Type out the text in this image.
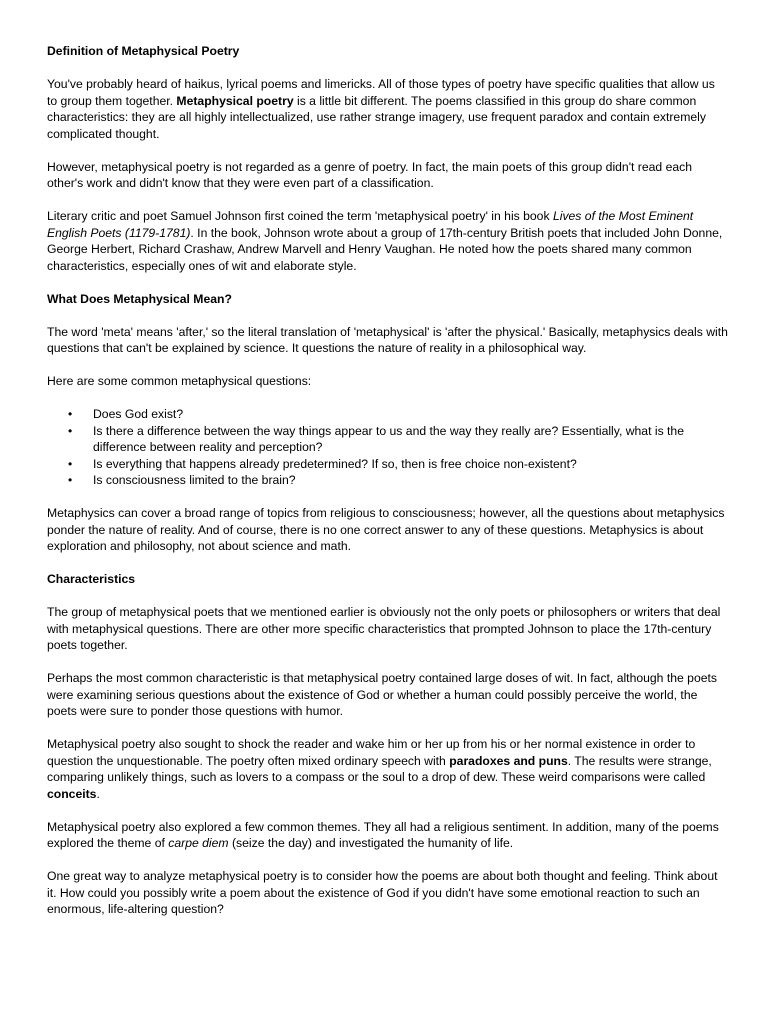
Definition of Metaphysical Poetry

You've probably heard of haikus, lyrical poems and limericks. All of those types of poetry have specific qualities that allow us to group them together. Metaphysical poetry is a little bit different. The poems classified in this group do share common characteristics: they are all highly intellectualized, use rather strange imagery, use frequent paradox and contain extremely complicated thought.

However, metaphysical poetry is not regarded as a genre of poetry. In fact, the main poets of this group didn't read each other's work and didn't know that they were even part of a classification.

Literary critic and poet Samuel Johnson first coined the term 'metaphysical poetry' in his book Lives of the Most Eminent English Poets (1179-1781). In the book, Johnson wrote about a group of 17th-century British poets that included John Donne, George Herbert, Richard Crashaw, Andrew Marvell and Henry Vaughan. He noted how the poets shared many common characteristics, especially ones of wit and elaborate style.

What Does Metaphysical Mean?

The word 'meta' means 'after,' so the literal translation of 'metaphysical' is 'after the physical.' Basically, metaphysics deals with questions that can't be explained by science. It questions the nature of reality in a philosophical way.

Here are some common metaphysical questions:

• Does God exist?
• Is there a difference between the way things appear to us and the way they really are? Essentially, what is the difference between reality and perception?
• Is everything that happens already predetermined? If so, then is free choice non-existent?
• Is consciousness limited to the brain?

Metaphysics can cover a broad range of topics from religious to consciousness; however, all the questions about metaphysics ponder the nature of reality. And of course, there is no one correct answer to any of these questions. Metaphysics is about exploration and philosophy, not about science and math.

Characteristics

The group of metaphysical poets that we mentioned earlier is obviously not the only poets or philosophers or writers that deal with metaphysical questions. There are other more specific characteristics that prompted Johnson to place the 17th-century poets together.

Perhaps the most common characteristic is that metaphysical poetry contained large doses of wit. In fact, although the poets were examining serious questions about the existence of God or whether a human could possibly perceive the world, the poets were sure to ponder those questions with humor.

Metaphysical poetry also sought to shock the reader and wake him or her up from his or her normal existence in order to question the unquestionable. The poetry often mixed ordinary speech with paradoxes and puns. The results were strange, comparing unlikely things, such as lovers to a compass or the soul to a drop of dew. These weird comparisons were called conceits.

Metaphysical poetry also explored a few common themes. They all had a religious sentiment. In addition, many of the poems explored the theme of carpe diem (seize the day) and investigated the humanity of life.

One great way to analyze metaphysical poetry is to consider how the poems are about both thought and feeling. Think about it. How could you possibly write a poem about the existence of God if you didn't have some emotional reaction to such an enormous, life-altering question?
